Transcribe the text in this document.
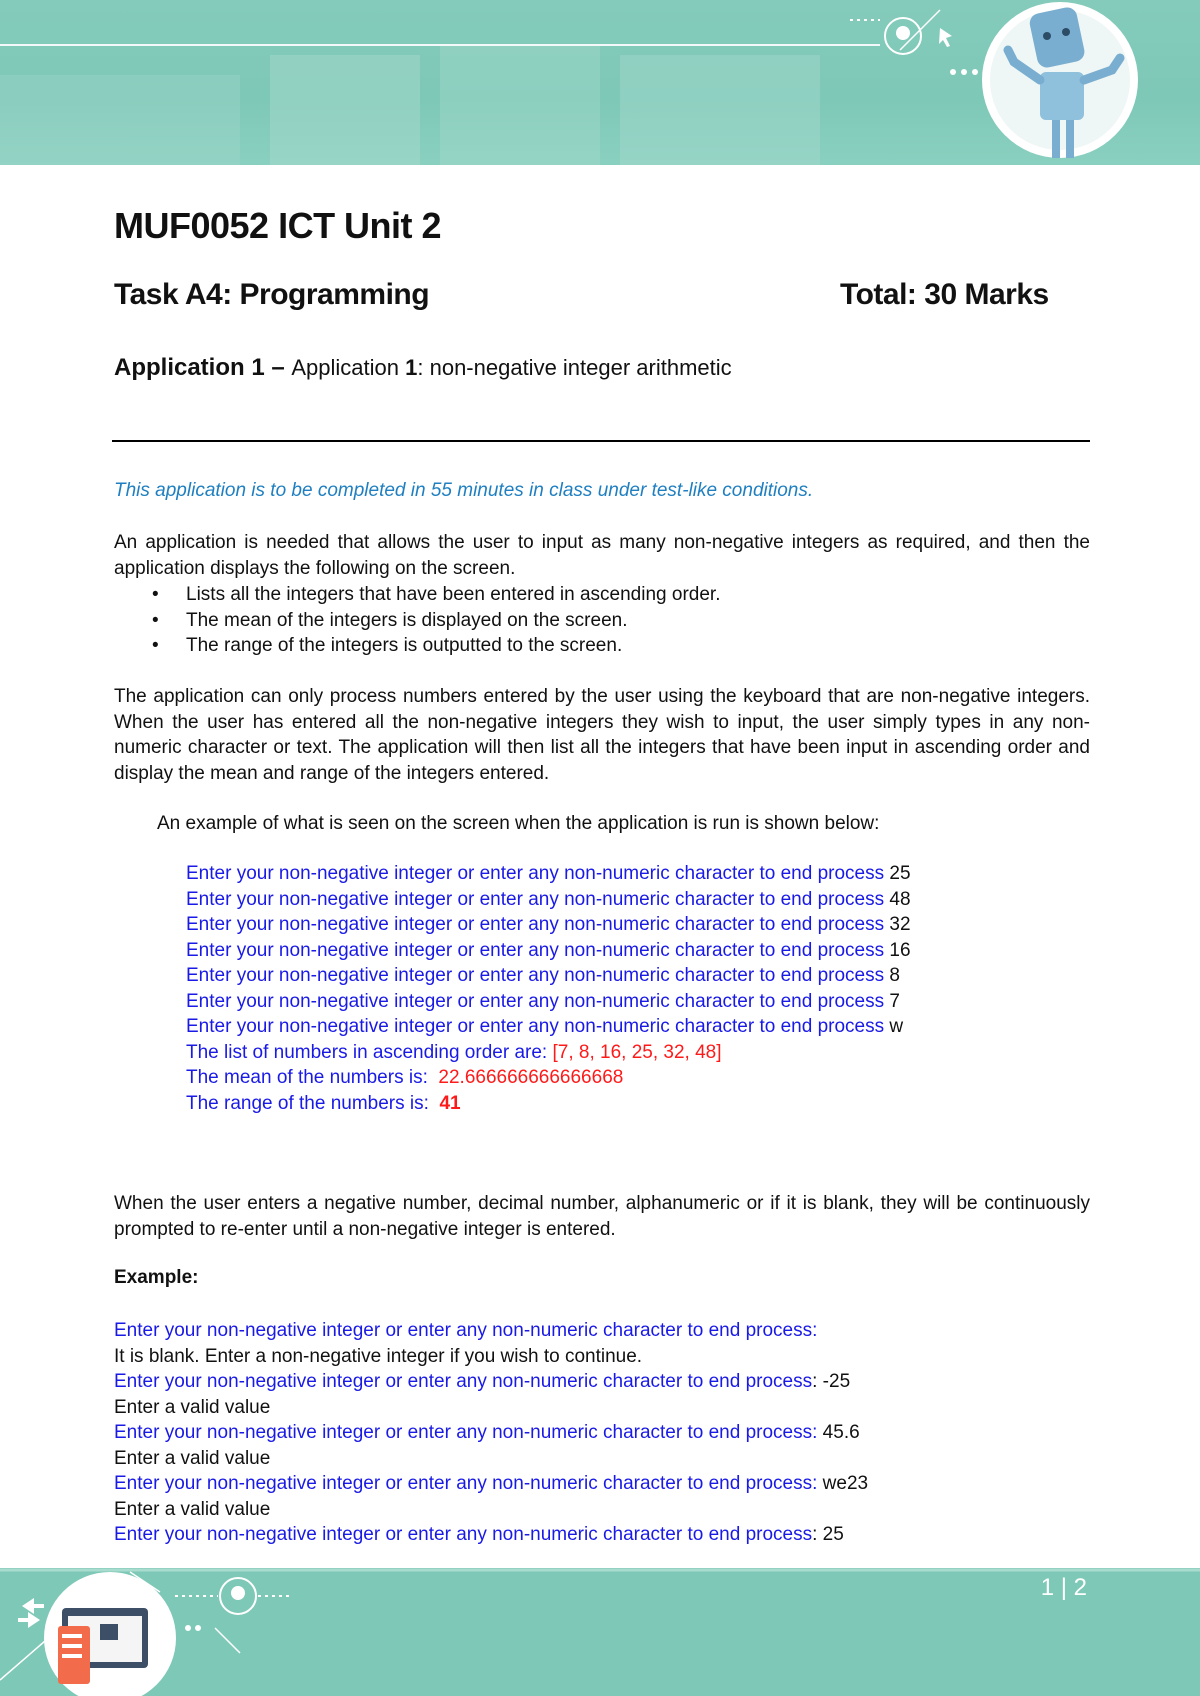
MUF0052 ICT Unit 2
Task A4: Programming	Total: 30 Marks
Application 1 – Application 1: non-negative integer arithmetic
This application is to be completed in 55 minutes in class under test-like conditions.
An application is needed that allows the user to input as many non-negative integers as required, and then the application displays the following on the screen.
• Lists all the integers that have been entered in ascending order.
• The mean of the integers is displayed on the screen.
• The range of the integers is outputted to the screen.
The application can only process numbers entered by the user using the keyboard that are non-negative integers. When the user has entered all the non-negative integers they wish to input, the user simply types in any non-numeric character or text. The application will then list all the integers that have been input in ascending order and display the mean and range of the integers entered.
An example of what is seen on the screen when the application is run is shown below:
Enter your non-negative integer or enter any non-numeric character to end process 25
Enter your non-negative integer or enter any non-numeric character to end process 48
Enter your non-negative integer or enter any non-numeric character to end process 32
Enter your non-negative integer or enter any non-numeric character to end process 16
Enter your non-negative integer or enter any non-numeric character to end process 8
Enter your non-negative integer or enter any non-numeric character to end process 7
Enter your non-negative integer or enter any non-numeric character to end process w
The list of numbers in ascending order are: [7, 8, 16, 25, 32, 48]
The mean of the numbers is:  22.666666666666668
The range of the numbers is:  41
When the user enters a negative number, decimal number, alphanumeric or if it is blank, they will be continuously prompted to re-enter until a non-negative integer is entered.
Example:
Enter your non-negative integer or enter any non-numeric character to end process:
It is blank. Enter a non-negative integer if you wish to continue.
Enter your non-negative integer or enter any non-numeric character to end process: -25
Enter a valid value
Enter your non-negative integer or enter any non-numeric character to end process: 45.6
Enter a valid value
Enter your non-negative integer or enter any non-numeric character to end process: we23
Enter a valid value
Enter your non-negative integer or enter any non-numeric character to end process: 25
1 | 2
